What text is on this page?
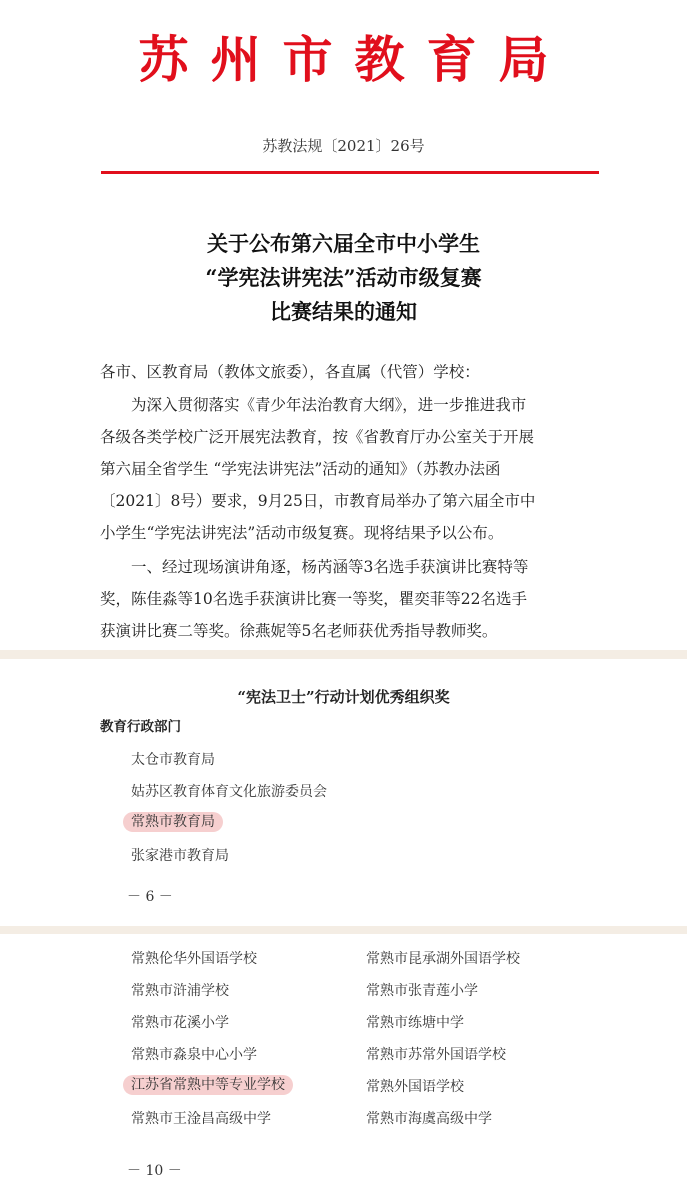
苏州市教育局
苏教法规〔2021〕26号
关于公布第六届全市中小学生
“学宪法讲宪法”活动市级复赛
比赛结果的通知
各市、区教育局（教体文旅委），各直属（代管）学校：
为深入贯彻落实《青少年法治教育大纲》，进一步推进我市
各级各类学校广泛开展宪法教育，按《省教育厅办公室关于开展
第六届全省学生 “学宪法讲宪法”活动的通知》（苏教办法函
〔2021〕8号）要求，9月25日，市教育局举办了第六届全市中
小学生“学宪法讲宪法”活动市级复赛。现将结果予以公布。
一、经过现场演讲角逐，杨芮涵等3名选手获演讲比赛特等
奖，陈佳淼等10名选手获演讲比赛一等奖，瞿奕菲等22名选手
获演讲比赛二等奖。徐燕妮等5名老师获优秀指导教师奖。
“宪法卫士”行动计划优秀组织奖
教育行政部门
太仓市教育局
姑苏区教育体育文化旅游委员会
常熟市教育局
张家港市教育局
－ 6 －
常熟伦华外国语学校	常熟市昆承湖外国语学校
常熟市浒浦学校	常熟市张青莲小学
常熟市花溪小学	常熟市练塘中学
常熟市淼泉中心小学	常熟市苏常外国语学校
江苏省常熟中等专业学校	常熟外国语学校
常熟市王淦昌高级中学	常熟市海虞高级中学
－ 10 －
